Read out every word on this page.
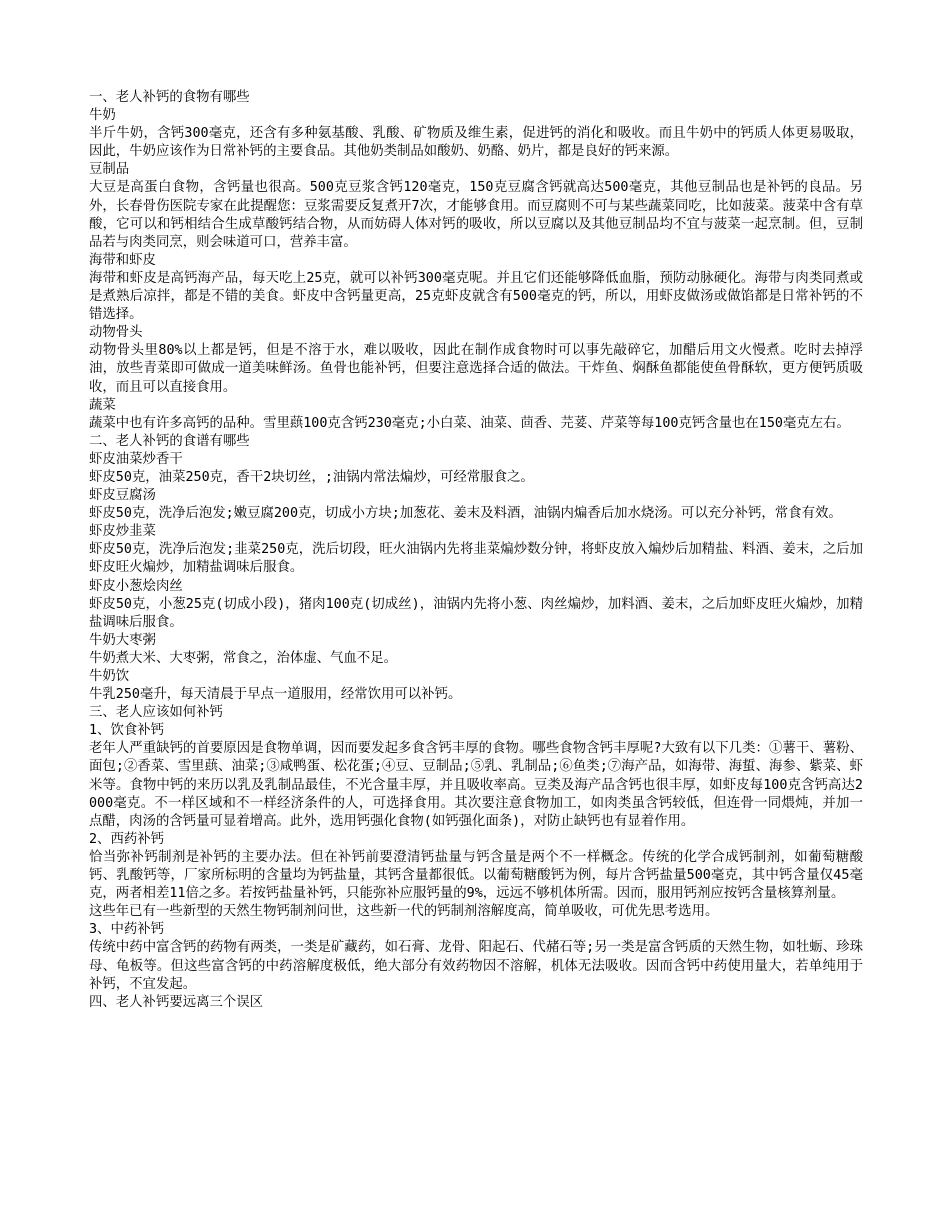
一、老人补钙的食物有哪些

牛奶

半斤牛奶，含钙300毫克，还含有多种氨基酸、乳酸、矿物质及维生素，促进钙的消化和吸收。而且牛奶中的钙质人体更易吸取，因此，牛奶应该作为日常补钙的主要食品。其他奶类制品如酸奶、奶酪、奶片，都是良好的钙来源。

豆制品

大豆是高蛋白食物，含钙量也很高。500克豆浆含钙120毫克，150克豆腐含钙就高达500毫克，其他豆制品也是补钙的良品。另外，长春骨伤医院专家在此提醒您：豆浆需要反复煮开7次，才能够食用。而豆腐则不可与某些蔬菜同吃，比如菠菜。菠菜中含有草酸，它可以和钙相结合生成草酸钙结合物，从而妨碍人体对钙的吸收，所以豆腐以及其他豆制品均不宜与菠菜一起烹制。但，豆制品若与肉类同烹，则会味道可口，营养丰富。

海带和虾皮

海带和虾皮是高钙海产品，每天吃上25克，就可以补钙300毫克呢。并且它们还能够降低血脂，预防动脉硬化。海带与肉类同煮或是煮熟后凉拌，都是不错的美食。虾皮中含钙量更高，25克虾皮就含有500毫克的钙，所以，用虾皮做汤或做馅都是日常补钙的不错选择。

动物骨头

动物骨头里80%以上都是钙，但是不溶于水，难以吸收，因此在制作成食物时可以事先敲碎它，加醋后用文火慢煮。吃时去掉浮油，放些青菜即可做成一道美味鲜汤。鱼骨也能补钙，但要注意选择合适的做法。干炸鱼、焖酥鱼都能使鱼骨酥软，更方便钙质吸收，而且可以直接食用。

蔬菜

蔬菜中也有许多高钙的品种。雪里蕻100克含钙230毫克;小白菜、油菜、茴香、芫荽、芹菜等每100克钙含量也在150毫克左右。

二、老人补钙的食谱有哪些

虾皮油菜炒香干

虾皮50克，油菜250克，香干2块切丝，;油锅内常法煸炒，可经常服食之。

虾皮豆腐汤

虾皮50克，洗净后泡发;嫩豆腐200克，切成小方块;加葱花、姜末及料酒，油锅内煸香后加水烧汤。可以充分补钙，常食有效。

虾皮炒韭菜

虾皮50克，洗净后泡发;韭菜250克，洗后切段，旺火油锅内先将韭菜煸炒数分钟，将虾皮放入煸炒后加精盐、料酒、姜末，之后加虾皮旺火煸炒，加精盐调味后服食。

虾皮小葱烩肉丝

虾皮50克，小葱25克(切成小段)，猪肉100克(切成丝)，油锅内先将小葱、肉丝煸炒，加料酒、姜末，之后加虾皮旺火煸炒，加精盐调味后服食。

牛奶大枣粥

牛奶煮大米、大枣粥，常食之，治体虚、气血不足。

牛奶饮

牛乳250毫升，每天清晨于早点一道服用，经常饮用可以补钙。

三、老人应该如何补钙

1、饮食补钙

老年人严重缺钙的首要原因是食物单调，因而要发起多食含钙丰厚的食物。哪些食物含钙丰厚呢?大致有以下几类：①薯干、薯粉、面包;②香菜、雪里蕻、油菜;③咸鸭蛋、松花蛋;④豆、豆制品;⑤乳、乳制品;⑥鱼类;⑦海产品，如海带、海蜇、海参、紫菜、虾米等。食物中钙的来历以乳及乳制品最佳，不光含量丰厚，并且吸收率高。豆类及海产品含钙也很丰厚，如虾皮每100克含钙高达2000毫克。不一样区域和不一样经济条件的人，可选择食用。其次要注意食物加工，如肉类虽含钙较低，但连骨一同煨炖，并加一点醋，肉汤的含钙量可显着增高。此外，选用钙强化食物(如钙强化面条)，对防止缺钙也有显着作用。

2、西药补钙

恰当弥补钙制剂是补钙的主要办法。但在补钙前要澄清钙盐量与钙含量是两个不一样概念。传统的化学合成钙制剂，如葡萄糖酸钙、乳酸钙等，厂家所标明的含量均为钙盐量，其钙含量都很低。以葡萄糖酸钙为例，每片含钙盐量500毫克，其中钙含量仅45毫克，两者相差11倍之多。若按钙盐量补钙，只能弥补应服钙量的9%，远远不够机体所需。因而，服用钙剂应按钙含量核算剂量。

这些年已有一些新型的天然生物钙制剂问世，这些新一代的钙制剂溶解度高，简单吸收，可优先思考选用。

3、中药补钙

传统中药中富含钙的药物有两类，一类是矿藏药，如石膏、龙骨、阳起石、代赭石等;另一类是富含钙质的天然生物，如牡蛎、珍珠母、龟板等。但这些富含钙的中药溶解度极低，绝大部分有效药物因不溶解，机体无法吸收。因而含钙中药使用量大，若单纯用于补钙，不宜发起。

四、老人补钙要远离三个误区
